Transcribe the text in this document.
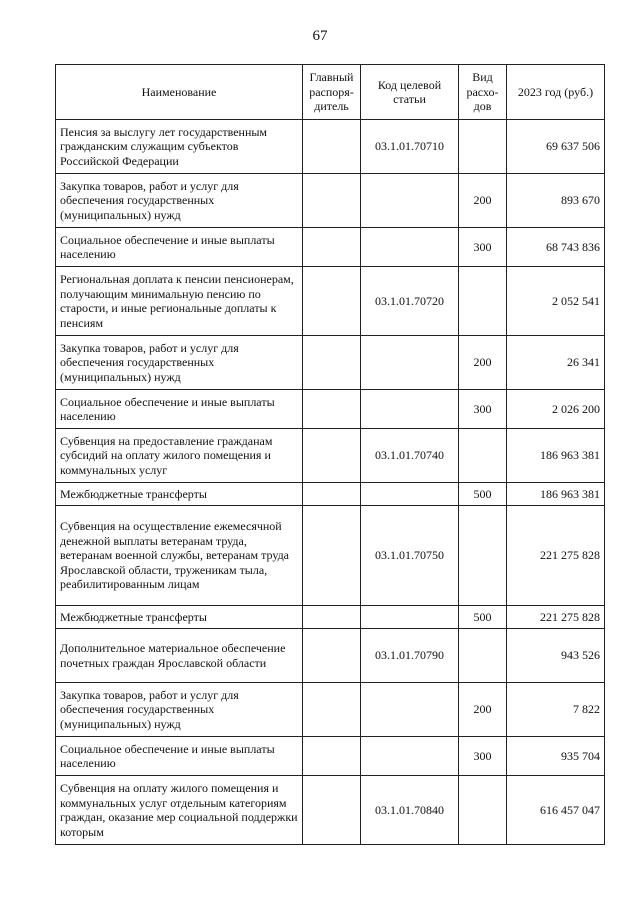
67
Наименование	Главный распоря-дитель	Код целевой статьи	Вид расхо-дов	2023 год (руб.)
Пенсия за выслугу лет государственным гражданским служащим субъектов Российской Федерации		03.1.01.70710		69 637 506
Закупка товаров, работ и услуг для обеспечения государственных (муниципальных) нужд			200	893 670
Социальное обеспечение и иные выплаты населению			300	68 743 836
Региональная доплата к пенсии пенсионерам, получающим минимальную пенсию по старости, и иные региональные доплаты к пенсиям		03.1.01.70720		2 052 541
Закупка товаров, работ и услуг для обеспечения государственных (муниципальных) нужд			200	26 341
Социальное обеспечение и иные выплаты населению			300	2 026 200
Субвенция на предоставление гражданам субсидий на оплату жилого помещения и коммунальных услуг		03.1.01.70740		186 963 381
Межбюджетные трансферты			500	186 963 381
Субвенция на осуществление ежемесячной денежной выплаты ветеранам труда, ветеранам военной службы, ветеранам труда Ярославской области, труженикам тыла, реабилитированным лицам		03.1.01.70750		221 275 828
Межбюджетные трансферты			500	221 275 828
Дополнительное материальное обеспечение почетных граждан Ярославской области		03.1.01.70790		943 526
Закупка товаров, работ и услуг для обеспечения государственных (муниципальных) нужд			200	7 822
Социальное обеспечение и иные выплаты населению			300	935 704
Субвенция на оплату жилого помещения и коммунальных услуг отдельным категориям граждан, оказание мер социальной поддержки которым		03.1.01.70840		616 457 047
